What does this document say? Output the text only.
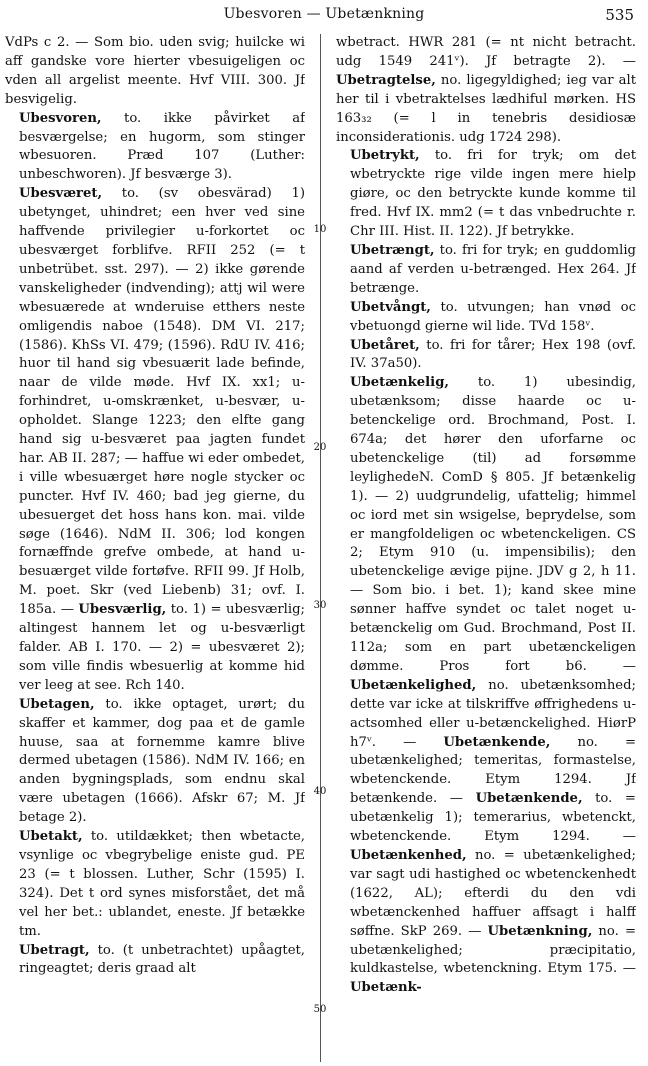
Ubesvoren — Ubetænkning	535

VdPs c 2. — Som bio. uden svig; huilcke wi aff gandske vore hierter vbesuigeligen oc vden all argelist meente. Hvf VIII. 300. Jf besvigelig.

Ubesvoren, to. ikke påvirket af besværgelse; en hugorm, som stinger wbesuoren. Præd 107 (Luther: unbeschworen). Jf besværge 3).

Ubesværet, to. (sv obesvärad) 1) ubetynget, uhindret; een hver ved sine haffvende privilegier u-forkortet oc ubesværget forblifve. RFII 252 (= t unbetrübet. sst. 297). — 2) ikke gørende vanskeligheder (indvending); attj wil were wbesuærede at wnderuise etthers neste omligendis naboe (1548). DM VI. 217; (1586). KhSs VI. 479; (1596). RdU IV. 416; huor til hand sig vbesuærit lade befinde, naar de vilde møde. Hvf IX. xx1; u-forhindret, u-omskrænket, u-besvær, u-opholdet. Slange 1223; den elfte gang hand sig u-besværet paa jagten fundet har. AB II. 287; — haffue wi eder ombedet, i ville wbesuærget høre nogle stycker oc puncter. Hvf IV. 460; bad jeg gierne, du ubesuerget det hoss hans kon. mai. vilde søge (1646). NdM II. 306; lod kongen fornæffnde grefve ombede, at hand u-besuærget vilde fortøfve. RFII 99. Jf Holb, M. poet. Skr (ved Liebenb) 31; ovf. I. 185a. — Ubesværlig, to. 1) = ubesværlig; altingest hannem let og u-besværligt falder. AB I. 170. — 2) = ubesværet 2); som ville findis wbesuerlig at komme hid ver leeg at see. Rch 140.

Ubetagen, to. ikke optaget, urørt; du skaffer et kammer, dog paa et de gamle huuse, saa at fornemme kamre blive dermed ubetagen (1586). NdM IV. 166; en anden bygningsplads, som endnu skal være ubetagen (1666). Afskr 67; M. Jf betage 2).

Ubetakt, to. utildækket; then wbetacte, vsynlige oc vbegrybelige eniste gud. PE 23 (= t blossen. Luther, Schr (1595) I. 324). Det t ord synes misforstået, det må vel her bet.: ublandet, eneste. Jf betække tm.

Ubetragt, to. (t unbetrachtet) upåagtet, ringeagtet; deris graad alt

10
20
30
40
50

wbetract. HWR 281 (= nt nicht betracht. udg 1549 241ᵛ). Jf betragte 2). — Ubetragtelse, no. ligegyldighed; ieg var alt her til i vbetraktelses lædhiful mørken. HS 163₃₂ (= l in tenebris desidiosæ inconsiderationis. udg 1724 298).

Ubetrykt, to. fri for tryk; om det wbetryckte rige vilde ingen mere hielp giøre, oc den betryckte kunde komme til fred. Hvf IX. mm2 (= t das vnbedruchte r. Chr III. Hist. II. 122). Jf betrykke.

Ubetrængt, to. fri for tryk; en guddomlig aand af verden u-betrænged. Hex 264. Jf betrænge.

Ubetvångt, to. utvungen; han vnød oc vbetuongd gierne wil lide. TVd 158ᵛ.

Ubetåret, to. fri for tårer; Hex 198 (ovf. IV. 37a50).

Ubetænkelig, to. 1) ubesindig, ubetænksom; disse haarde oc u-betenckelige ord. Brochmand, Post. I. 674a; det hører den uforfarne oc ubetenckelige (til) ad forsømme leylighedeN. ComD § 805. Jf betænkelig 1). — 2) uudgrundelig, ufattelig; himmel oc iord met sin wsigelse, beprydelse, som er mangfoldeligen oc wbetenckeligen. CS 2; Etym 910 (u. impensibilis); den ubetenckelige ævige pijne. JDV g 2, h 11. — Som bio. i bet. 1); kand skee mine sønner haffve syndet oc talet noget u-betænckelig om Gud. Brochmand, Post II. 112a; som en part ubetænckeligen dømme. Pros fort b6. — Ubetænkelighed, no. ubetænksomhed; dette var icke at tilskriffve øffrighedens u-actsomhed eller u-betænckelighed. HiørP h7ᵛ. — Ubetænkende, no. = ubetænkelighed; temeritas, formastelse, wbetenckende. Etym 1294. Jf betænkende. — Ubetænkende, to. = ubetænkelig 1); temerarius, wbetenckt, wbetenckende. Etym 1294. — Ubetænkenhed, no. = ubetænkelighed; var sagt udi hastighed oc wbetenckenhedt (1622, AL); efterdi du den vdi wbetænckenhed haffuer affsagt i halff søffne. SkP 269. — Ubetænkning, no. = ubetænkelighed; præcipitatio, kuldkastelse, wbetenckning. Etym 175. — Ubetænk-
